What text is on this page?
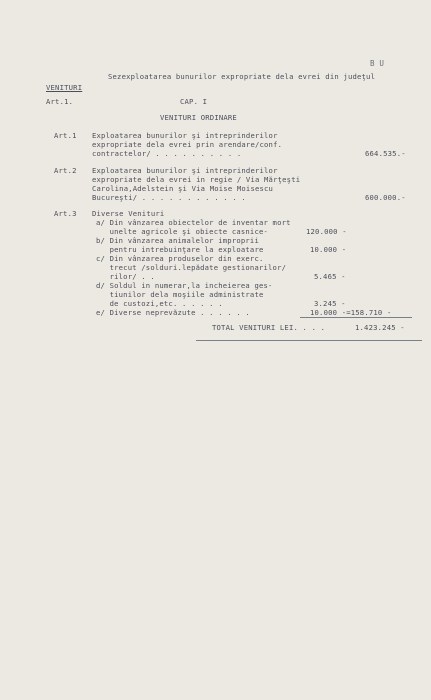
B U
Sezexploatarea bunurilor expropriate dela evrei din judeţul
VENITURI
Art.1.	CAP. I
VENITURI ORDINARE
Art.1 Exploatarea bunurilor şi intreprinderilor
expropriate dela evrei prin arendare/conf.
contractelor/ . . . . . . . . . .	664.535.-
Art.2 Exploatarea bunurilor şi intreprinderilor
expropriate dela evrei in regie / Via Mărţeşti
Carolina,Adelstein şi Via Moise Moisescu
Bucureşti/ . . . . . . . . . . . .	600.000.-
Art.3 Diverse Venituri
a/ Din vânzarea obiectelor de inventar mort
unelte agricole şi obiecte casnice-	120.000 -
b/ Din vânzarea animalelor improprii
pentru intrebuinţare la exploatare	10.000 -
c/ Din vânzarea produselor din exerc.
trecut /solduri.lepădate gestionarilor/
rilor/ . .	5.465 -
d/ Soldul in numerar,la incheierea ges-
tiunilor dela moşiile administrate
de custozi,etc. . . . . .	3.245 -
e/ Diverse neprevăzute . . . . . .	10.000 -=158.710 -
TOTAL VENITURI LEI. . . .	1.423.245 -
